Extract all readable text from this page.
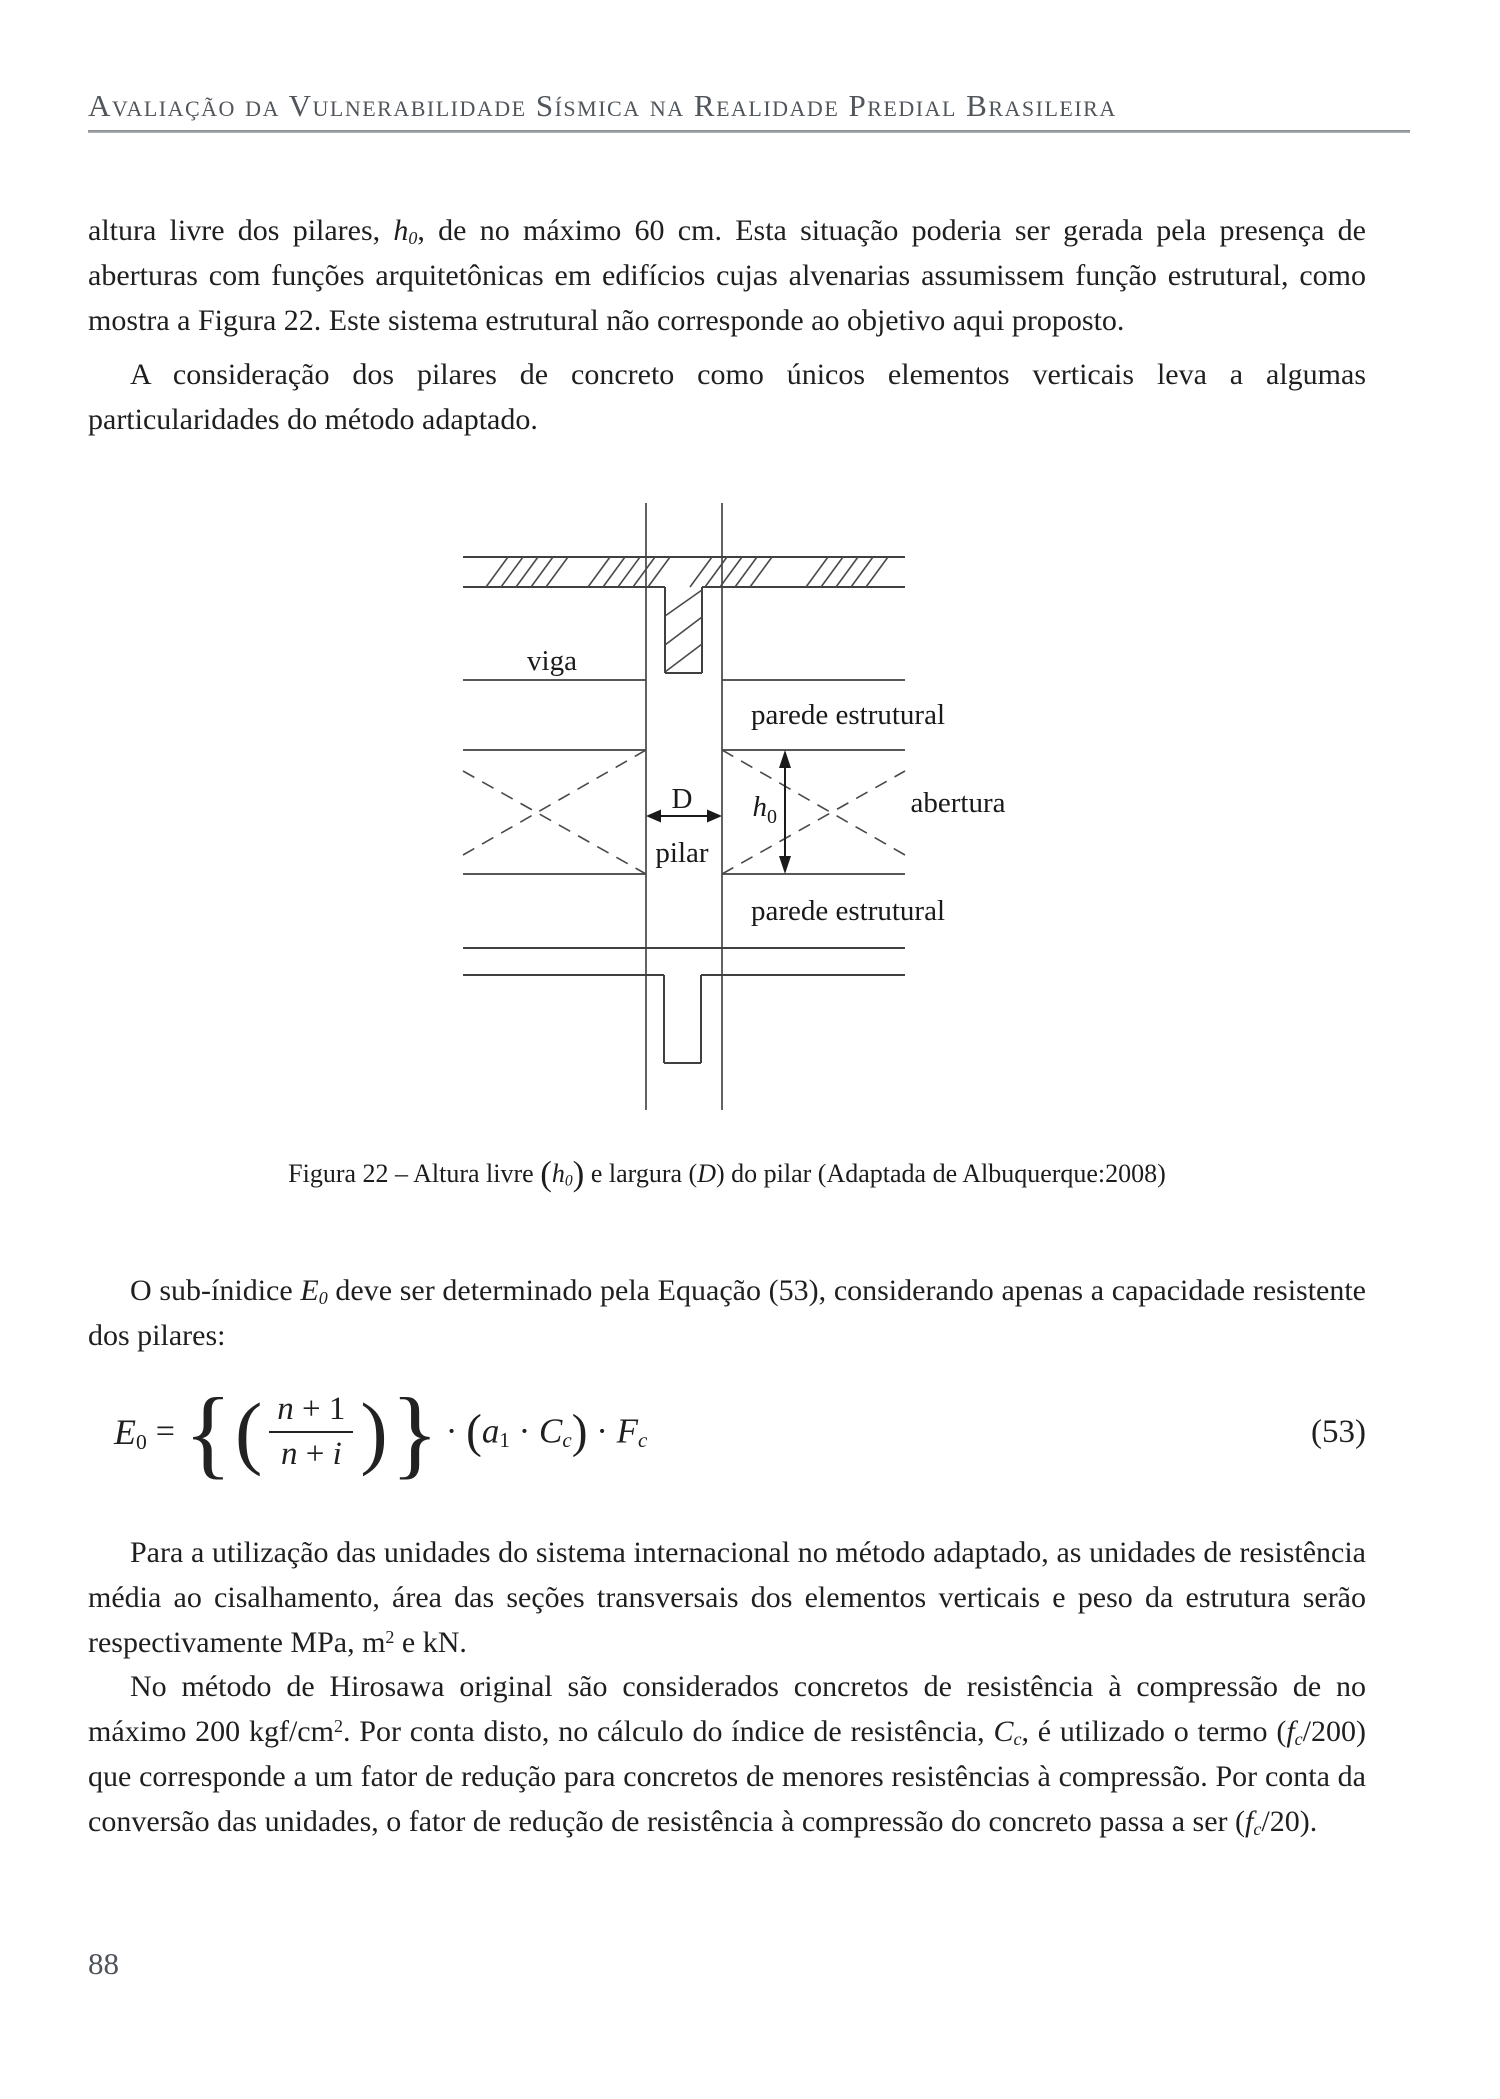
Avaliação da Vulnerabilidade Sísmica na Realidade Predial Brasileira
altura livre dos pilares, $h_0$, de no máximo 60 cm. Esta situação poderia ser gerada pela presença de aberturas com funções arquitetônicas em edifícios cujas alvenarias assumissem função estrutural, como mostra a Figura 22. Este sistema estrutural não corresponde ao objetivo aqui proposto.
A consideração dos pilares de concreto como únicos elementos verticais leva a algumas particularidades do método adaptado.
viga
parede estrutural
D
pilar
$h_0$	abertura
parede estrutural
Figura 22 – Altura livre $(h_0)$ e largura (D) do pilar (Adaptada de Albuquerque:2008)
O sub-ínidice $E_0$ deve ser determinado pela Equação (53), considerando apenas a capacidade resistente dos pilares:
$E_0$ = { ( $\frac{n + 1}{n + i}$ ) } · $(a_1 \cdot C_c) \cdot F_c$	(53)
Para a utilização das unidades do sistema internacional no método adaptado, as unidades de resistência média ao cisalhamento, área das seções transversais dos elementos verticais e peso da estrutura serão respectivamente MPa, $m^2$ e kN.
No método de Hirosawa original são considerados concretos de resistência à compressão de no máximo 200 kgf/$cm^2$. Por conta disto, no cálculo do índice de resistência, $C_c$, é utilizado o termo $(f_c/200)$ que corresponde a um fator de redução para concretos de menores resistências à compressão. Por conta da conversão das unidades, o fator de redução de resistência à compressão do concreto passa a ser $(f_c/20)$.
88
